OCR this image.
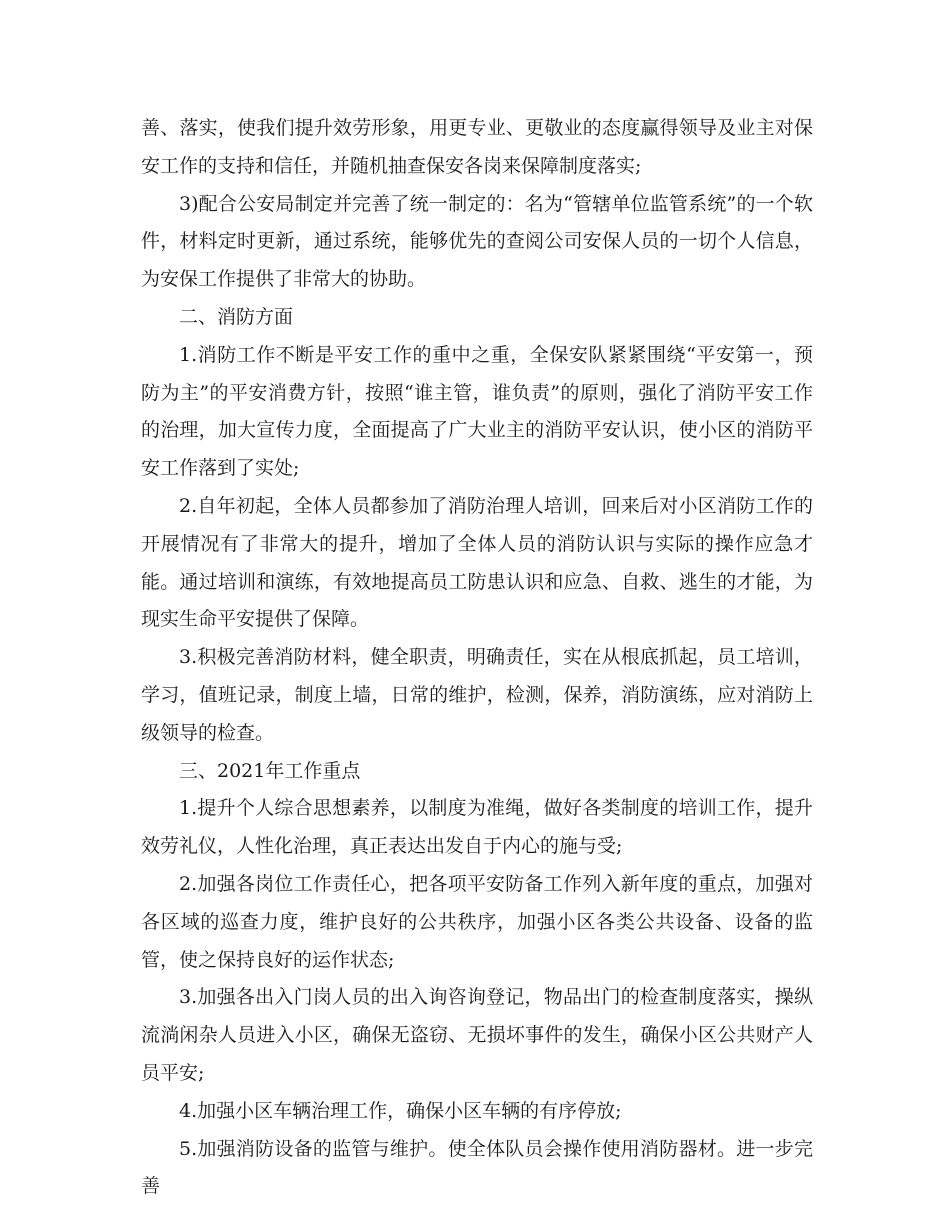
善、落实，使我们提升效劳形象，用更专业、更敬业的态度赢得领导及业主对保安工作的支持和信任，并随机抽查保安各岗来保障制度落实;

3)配合公安局制定并完善了统一制定的：名为“管辖单位监管系统”的一个软件，材料定时更新，通过系统，能够优先的查阅公司安保人员的一切个人信息，为安保工作提供了非常大的协助。

二、消防方面

1.消防工作不断是平安工作的重中之重，全保安队紧紧围绕“平安第一，预防为主”的平安消费方针，按照“谁主管，谁负责”的原则，强化了消防平安工作的治理，加大宣传力度，全面提高了广大业主的消防平安认识，使小区的消防平安工作落到了实处;

2.自年初起，全体人员都参加了消防治理人培训，回来后对小区消防工作的开展情况有了非常大的提升，增加了全体人员的消防认识与实际的操作应急才能。通过培训和演练，有效地提高员工防患认识和应急、自救、逃生的才能，为现实生命平安提供了保障。

3.积极完善消防材料，健全职责，明确责任，实在从根底抓起，员工培训，学习，值班记录，制度上墙，日常的维护，检测，保养，消防演练，应对消防上级领导的检查。

三、2021年工作重点

1.提升个人综合思想素养，以制度为准绳，做好各类制度的培训工作，提升效劳礼仪，人性化治理，真正表达出发自于内心的施与受;

2.加强各岗位工作责任心，把各项平安防备工作列入新年度的重点，加强对各区域的巡查力度，维护良好的公共秩序，加强小区各类公共设备、设备的监管，使之保持良好的运作状态;

3.加强各出入门岗人员的出入询咨询登记，物品出门的检查制度落实，操纵流淌闲杂人员进入小区，确保无盗窃、无损坏事件的发生，确保小区公共财产人员平安;

4.加强小区车辆治理工作，确保小区车辆的有序停放;

5.加强消防设备的监管与维护。使全体队员会操作使用消防器材。进一步完善
